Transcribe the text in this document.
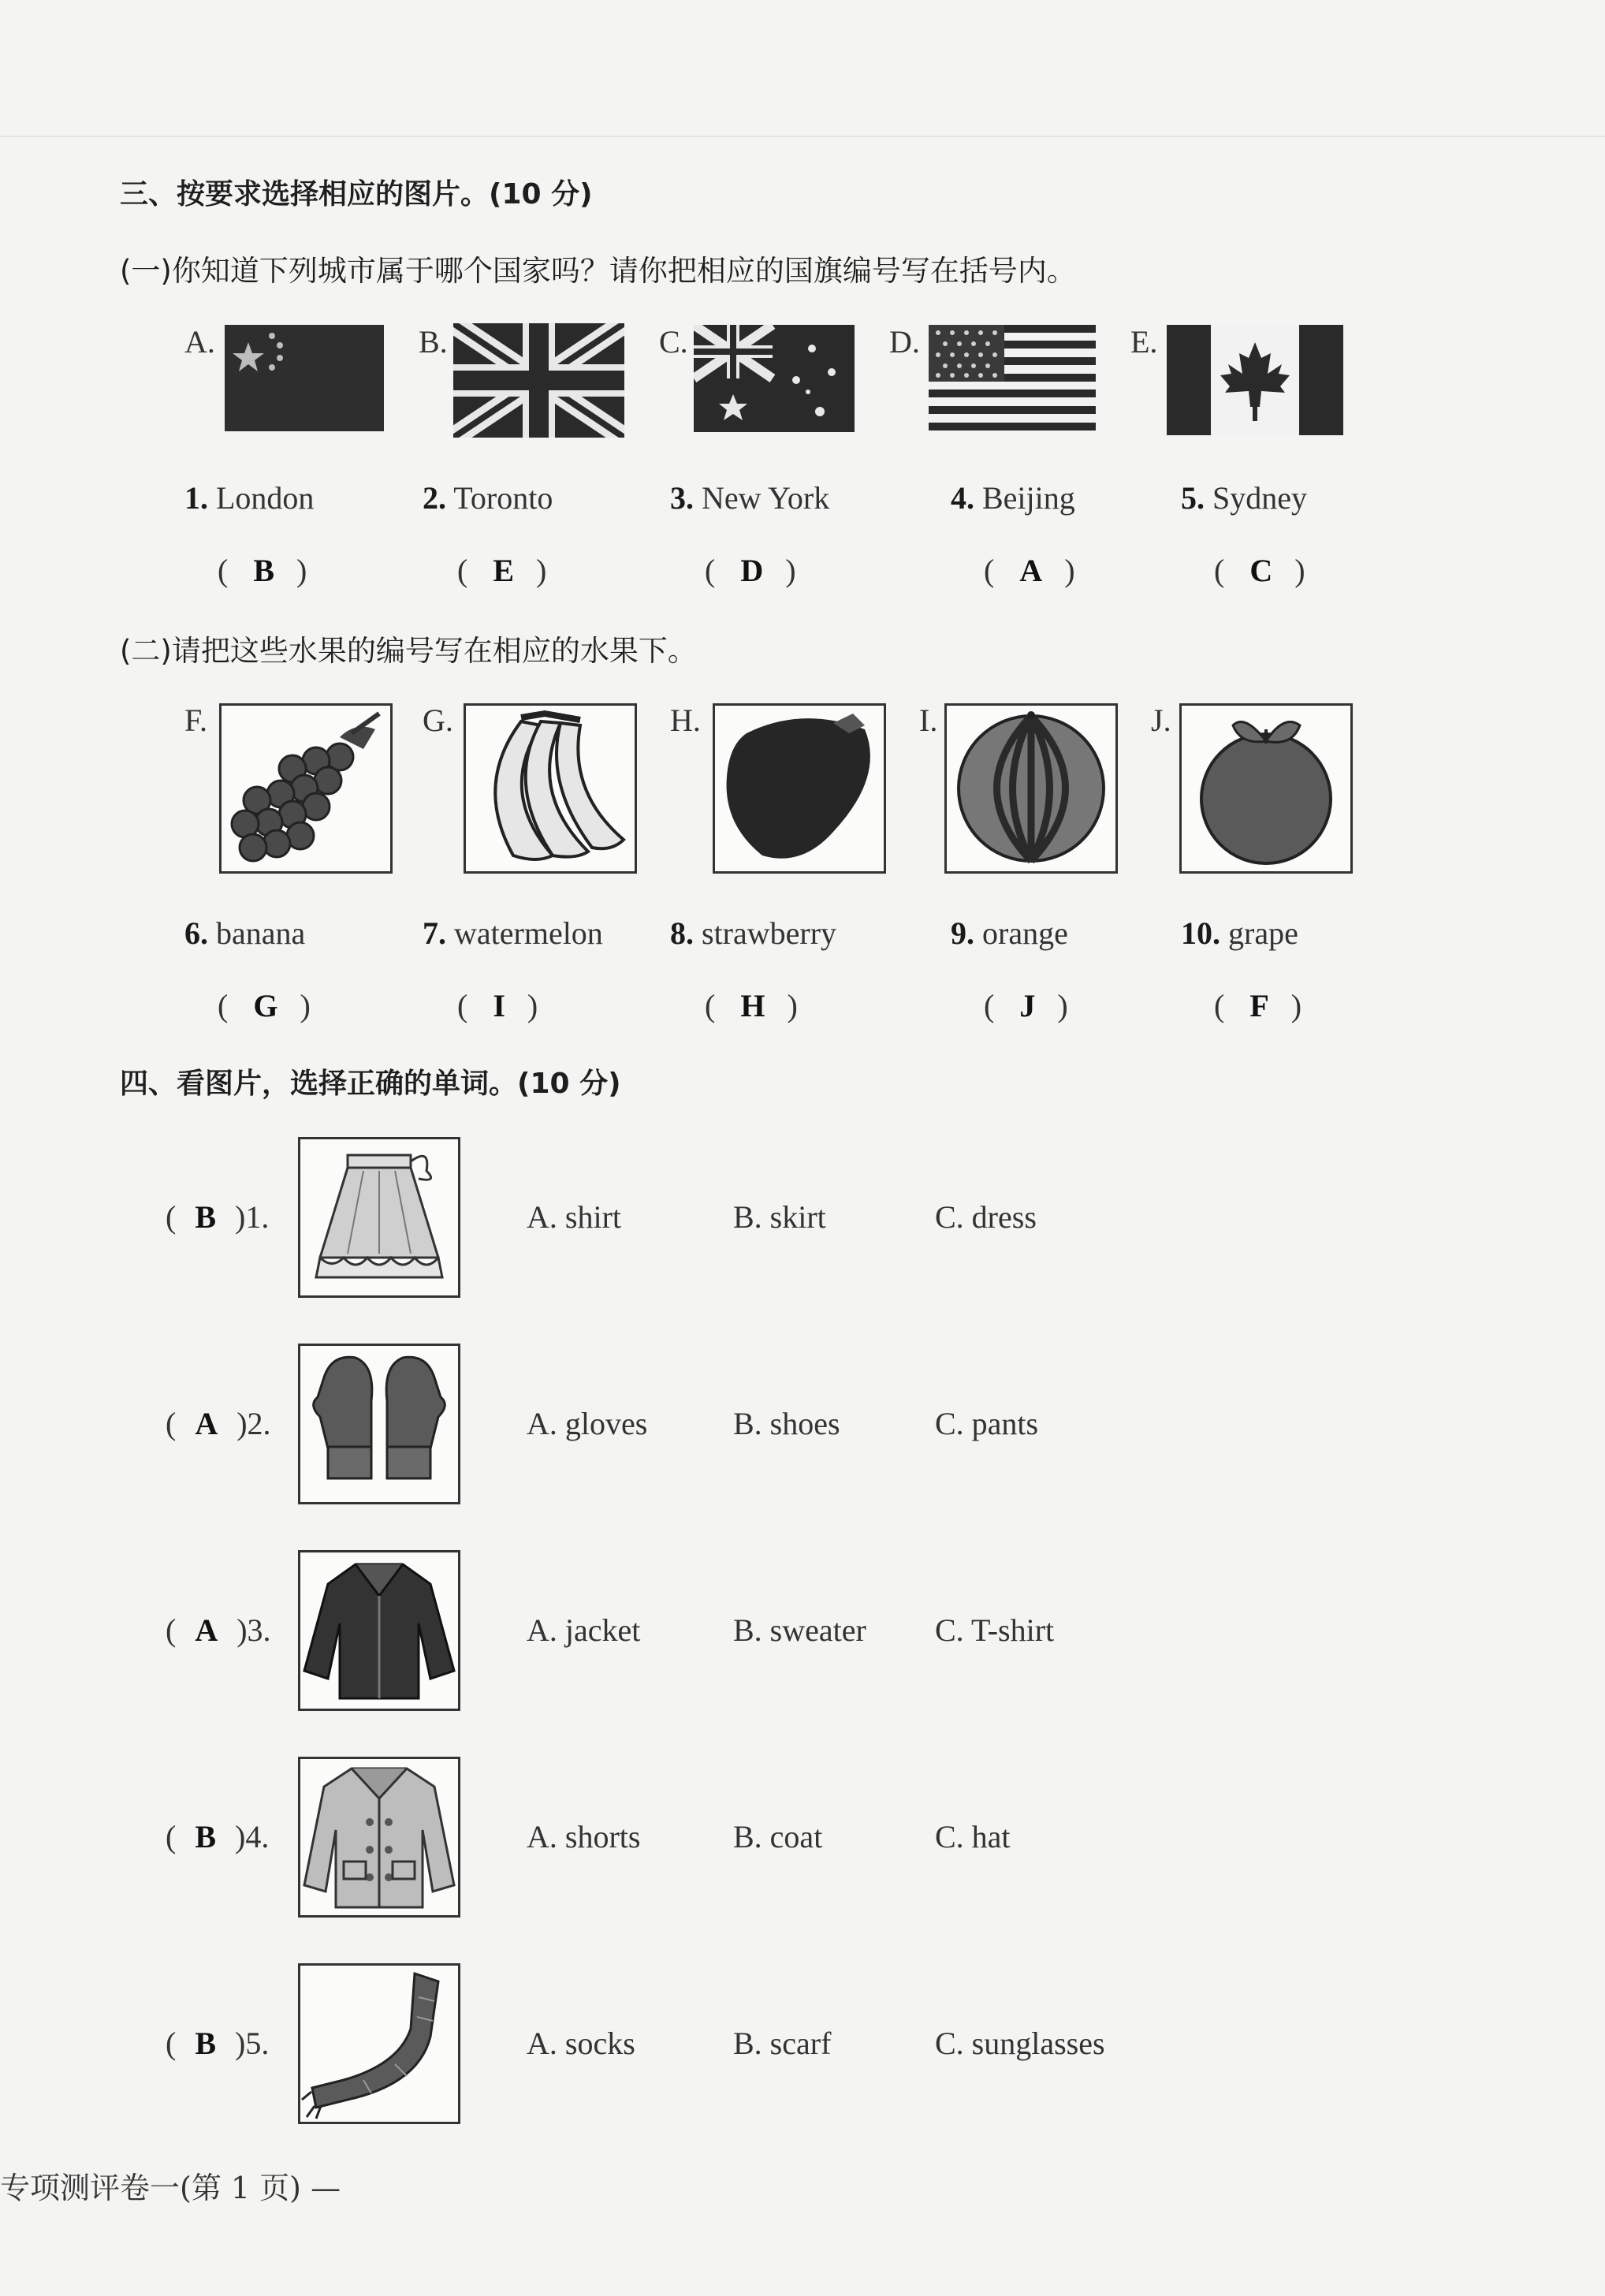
三、按要求选择相应的图片。(10 分)
(一)你知道下列城市属于哪个国家吗？请你把相应的国旗编号写在括号内。
A.	B.	C.	D.	E.
1. London	2. Toronto	3. New York	4. Beijing	5. Sydney
( B )	( E )	( D )	( A )	( C )
(二)请把这些水果的编号写在相应的水果下。
F.	G.	H.	I.	J.
6. banana	7. watermelon 8. strawberry	9. orange	10. grape
( G )	( I )	( H )	( J )	( F )
四、看图片，选择正确的单词。(10 分)
( B )1.	A. shirt	B. skirt	C. dress
( A )2.	A. gloves	B. shoes	C. pants
( A )3.	A. jacket	B. sweater C. T-shirt
( B )4.	A. shorts	B. coat	C. hat
( B )5.	A. socks	B. scarf	C. sunglasses
专项测评卷一(第 1 页) —
